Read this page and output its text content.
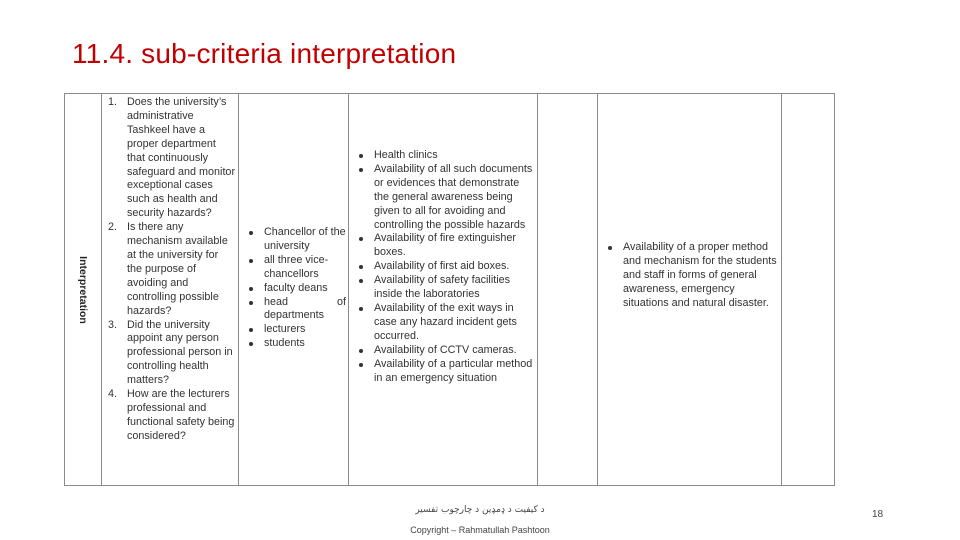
11.4. sub-criteria interpretation
Interpretation
1. Does the university’s administrative Tashkeel have a proper department that continuously safeguard and monitor exceptional cases such as health and security hazards?
2. Is there any mechanism available at the university for the purpose of avoiding and controlling possible hazards?
3. Did the university appoint any person professional person in controlling health matters?
4. How are the lecturers professional and functional safety being considered?
Chancellor of the university
all three vice-chancellors
faculty deans
head of departments
lecturers
students
Health clinics
Availability of all such documents or evidences that demonstrate the general awareness being given to all for avoiding and controlling the possible hazards
Availability of fire extinguisher boxes.
Availability of first aid boxes.
Availability of safety facilities inside the laboratories
Availability of the exit ways in case any hazard incident gets occurred.
Availability of CCTV cameras.
Availability of a particular method in an emergency situation
Availability of a proper method and mechanism for the students and staff in forms of general awareness, emergency situations and natural disaster.
د کیفیت د ډمډین د چارچوب تفسیر
Copyright – Rahmatullah Pashtoon
18
